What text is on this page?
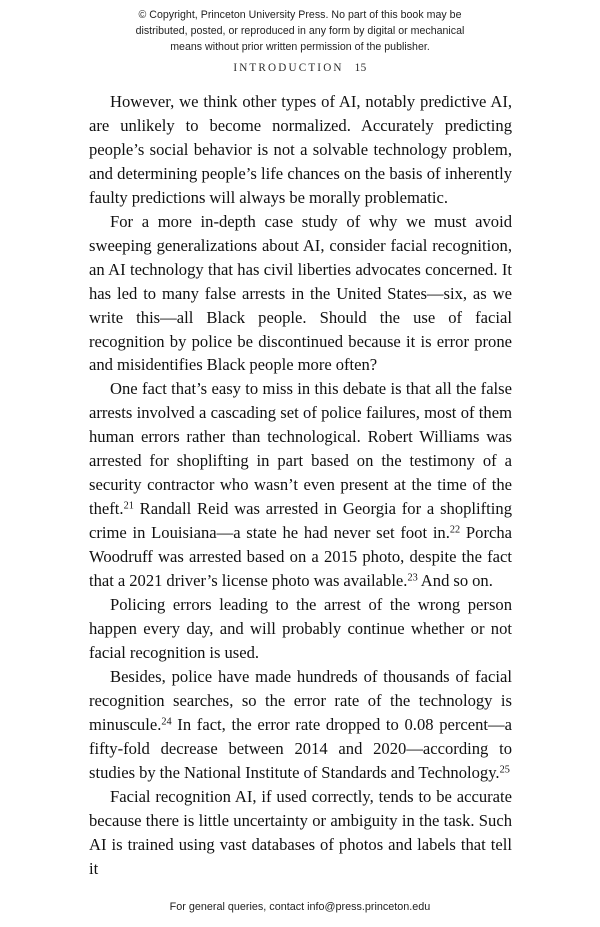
© Copyright, Princeton University Press. No part of this book may be
distributed, posted, or reproduced in any form by digital or mechanical
means without prior written permission of the publisher.
INTRODUCTION 15

However, we think other types of AI, notably predictive AI, are unlikely to become normalized. Accurately predicting people’s social behavior is not a solvable technology problem, and determining people’s life chances on the basis of inherently faulty predictions will always be morally problematic.

For a more in-depth case study of why we must avoid sweeping generalizations about AI, consider facial recognition, an AI technology that has civil liberties advocates concerned. It has led to many false arrests in the United States—six, as we write this—all Black people. Should the use of facial recognition by police be discontinued because it is error prone and misidentifies Black people more often?

One fact that’s easy to miss in this debate is that all the false arrests involved a cascading set of police failures, most of them human errors rather than technological. Robert Williams was arrested for shoplifting in part based on the testimony of a security contractor who wasn’t even present at the time of the theft.$^{21}$ Randall Reid was arrested in Georgia for a shoplifting crime in Louisiana—a state he had never set foot in.$^{22}$ Porcha Woodruff was arrested based on a 2015 photo, despite the fact that a 2021 driver’s license photo was available.$^{23}$ And so on.

Policing errors leading to the arrest of the wrong person happen every day, and will probably continue whether or not facial recognition is used.

Besides, police have made hundreds of thousands of facial recognition searches, so the error rate of the technology is minuscule.$^{24}$ In fact, the error rate dropped to 0.08 percent—a fifty-fold decrease between 2014 and 2020—according to studies by the National Institute of Standards and Technology.$^{25}$

Facial recognition AI, if used correctly, tends to be accurate because there is little uncertainty or ambiguity in the task. Such AI is trained using vast databases of photos and labels that tell it

For general queries, contact info@press.princeton.edu
